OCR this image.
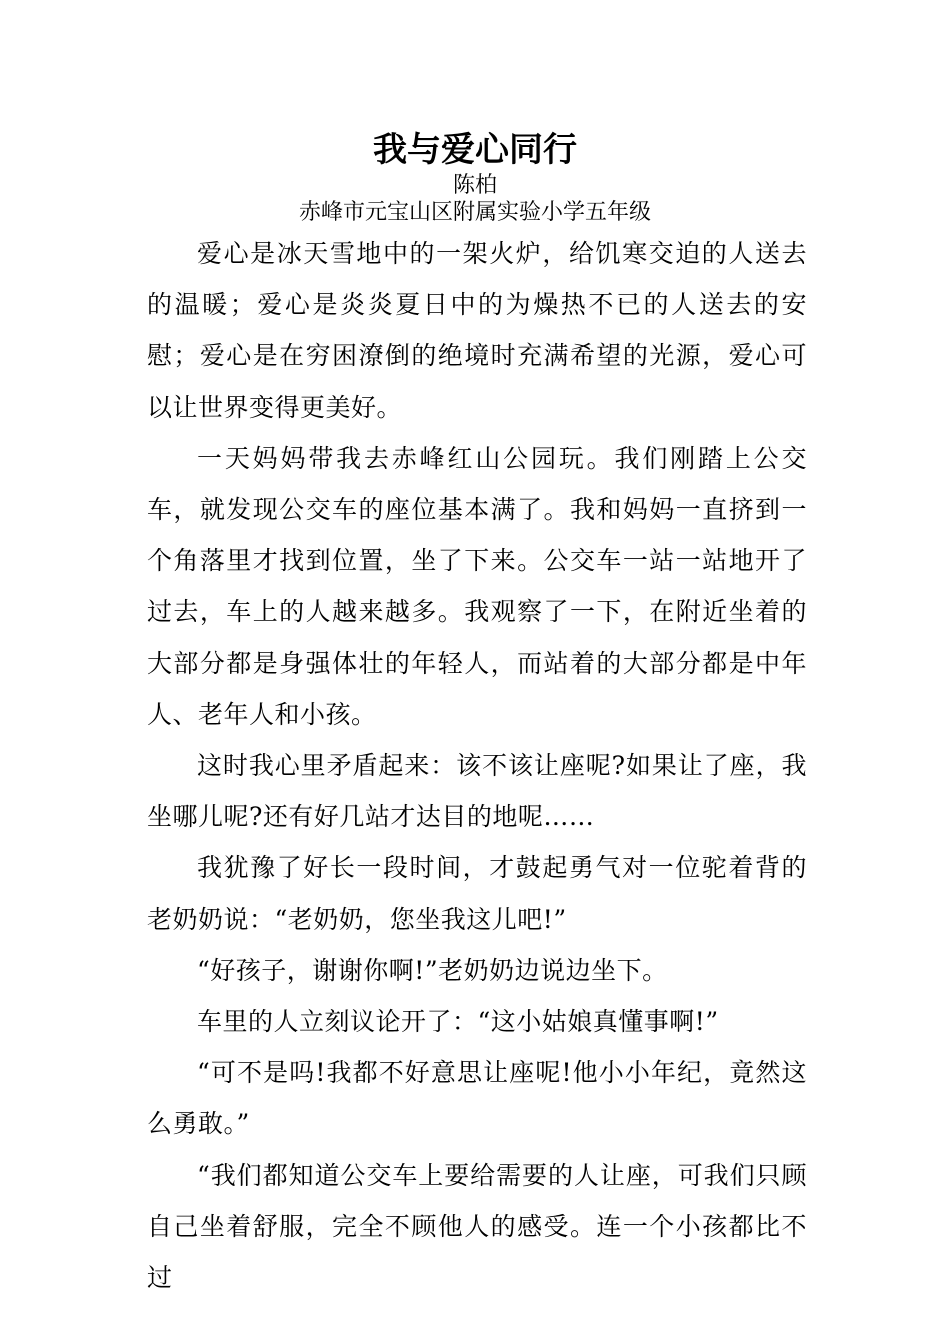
我与爱心同行
陈柏
赤峰市元宝山区附属实验小学五年级

爱心是冰天雪地中的一架火炉，给饥寒交迫的人送去的温暖；爱心是炎炎夏日中的为燥热不已的人送去的安慰；爱心是在穷困潦倒的绝境时充满希望的光源，爱心可以让世界变得更美好。

一天妈妈带我去赤峰红山公园玩。我们刚踏上公交车，就发现公交车的座位基本满了。我和妈妈一直挤到一个角落里才找到位置，坐了下来。公交车一站一站地开了过去，车上的人越来越多。我观察了一下，在附近坐着的大部分都是身强体壮的年轻人，而站着的大部分都是中年人、老年人和小孩。

这时我心里矛盾起来：该不该让座呢?如果让了座，我坐哪儿呢?还有好几站才达目的地呢……

我犹豫了好长一段时间，才鼓起勇气对一位驼着背的老奶奶说：“老奶奶，您坐我这儿吧!”

“好孩子，谢谢你啊!”老奶奶边说边坐下。

车里的人立刻议论开了：“这小姑娘真懂事啊!”

“可不是吗!我都不好意思让座呢!他小小年纪，竟然这么勇敢。”

“我们都知道公交车上要给需要的人让座，可我们只顾自己坐着舒服，完全不顾他人的感受。连一个小孩都比不过
